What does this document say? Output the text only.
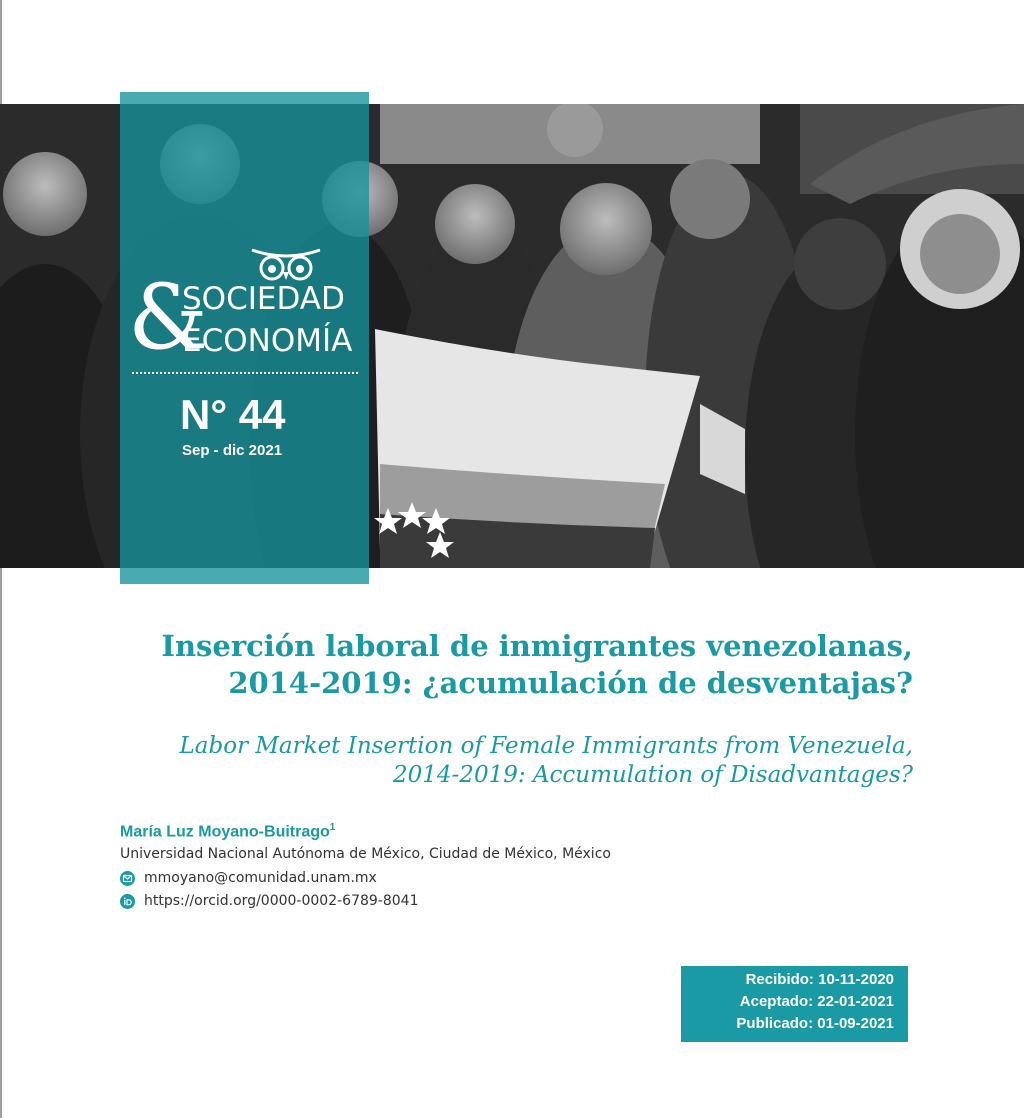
&
SOCIEDAD
ECONOMÍA
N° 44
Sep - dic 2021
Inserción laboral de inmigrantes venezolanas,
2014-2019: ¿acumulación de desventajas?
Labor Market Insertion of Female Immigrants from Venezuela,
2014-2019: Accumulation of Disadvantages?
María Luz Moyano-Buitrago$^1$
Universidad Nacional Autónoma de México, Ciudad de México, México
mmoyano@comunidad.unam.mx
https://orcid.org/0000-0002-6789-8041
Recibido: 10-11-2020
Aceptado: 22-01-2021
Publicado: 01-09-2021
